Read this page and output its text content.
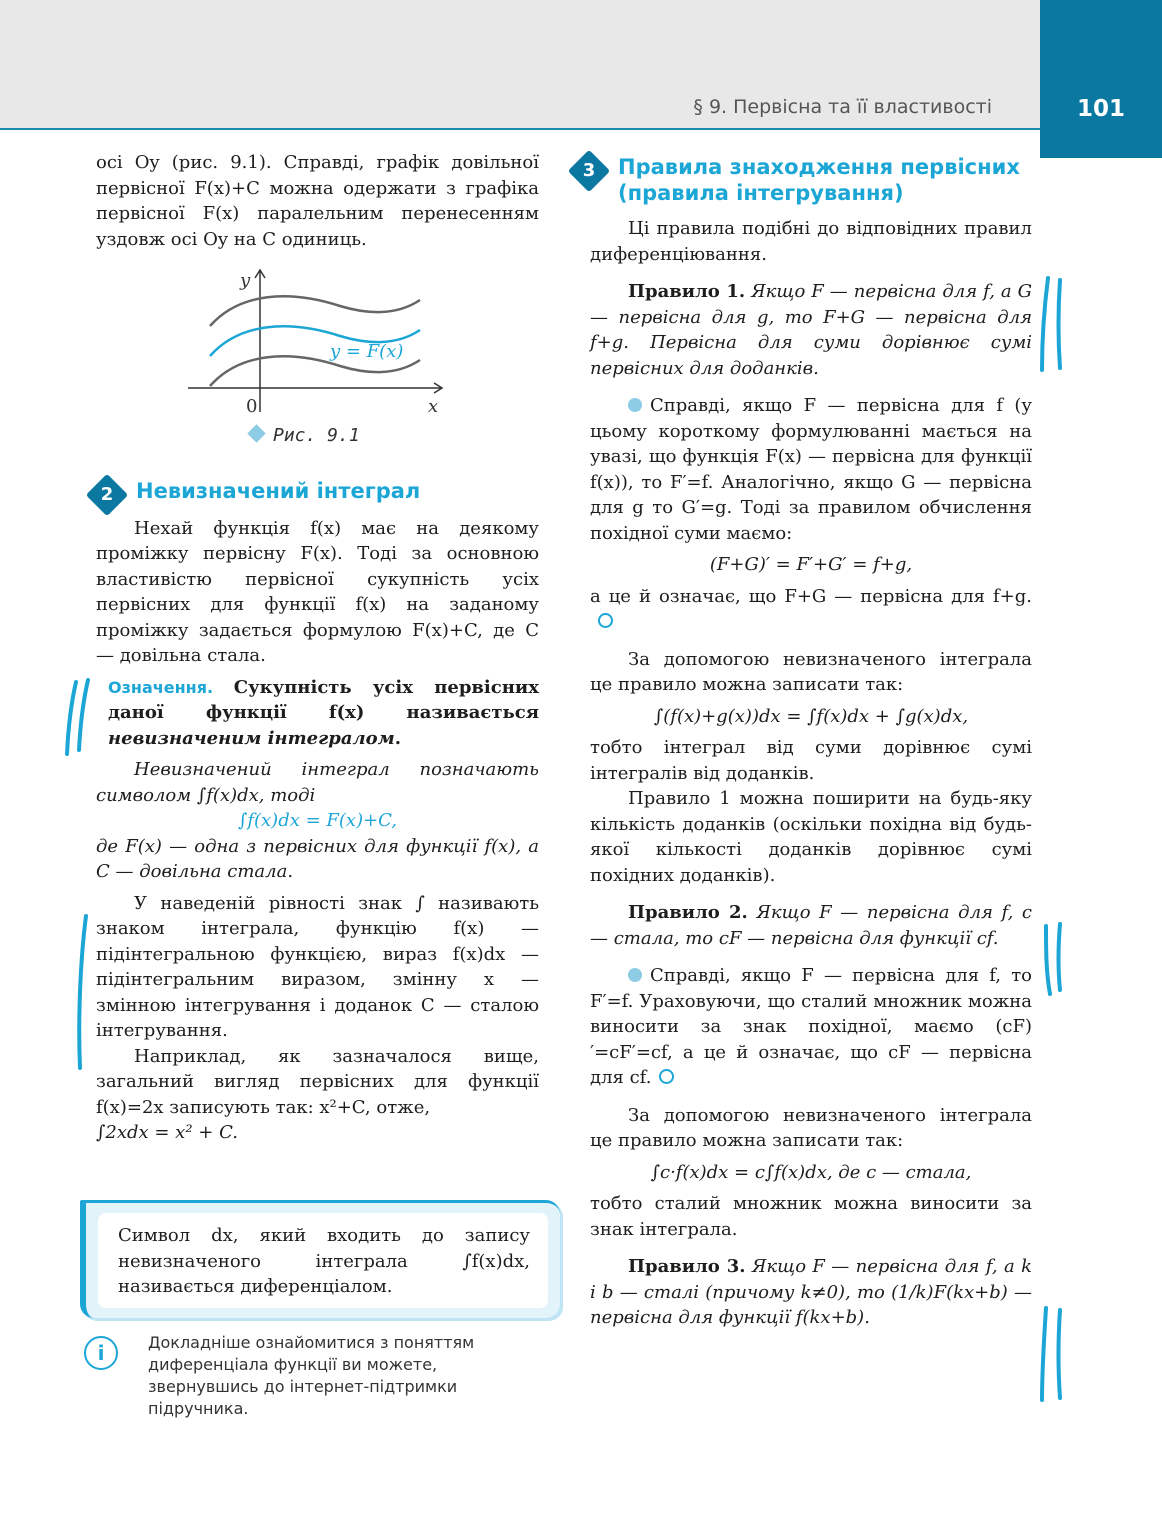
§ 9. Первісна та її властивості	101

осі Oy (рис. 9.1). Справді, графік довільної первісної F(x)+C можна одержати з графіка первісної F(x) паралельним перенесенням уздовж осі Oy на C одиниць.

y
x
0
y = F(x)
Рис. 9.1
2	Невизначений інтеграл

Нехай функція f(x) має на деякому проміжку первісну F(x). Тоді за основною властивістю первісної сукупність усіх первісних для функції f(x) на заданому проміжку задається формулою F(x)+C, де C — довільна стала.

Означення. Сукупність усіх первісних даної функції f(x) називається невизначеним інтегралом.

Невизначений інтеграл позначають символом ∫f(x)dx, тоді

∫f(x)dx = F(x)+C,

де F(x) — одна з первісних для функції f(x), а C — довільна стала.

У наведеній рівності знак ∫ називають знаком інтеграла, функцію f(x) — підінтегральною функцією, вираз f(x)dx — підінтегральним виразом, змінну x — змінною інтегрування і доданок C — сталою інтегрування.

Наприклад, як зазначалося вище, загальний вигляд первісних для функції f(x)=2x записують так: x²+C, отже,

∫2xdx = x² + C.

Символ dx, який входить до запису невизначеного інтеграла ∫f(x)dx, називається диференціалом.
i	Докладніше ознайомитися з поняттям диференціала функції ви можете, звернувшись до інтернет-підтримки підручника.
3	Правила знаходження первісних (правила інтегрування)

Ці правила подібні до відповідних правил диференціювання.

Правило 1. Якщо F — первісна для f, а G — первісна для g, то F+G — первісна для f+g. Первісна для суми дорівнює сумі первісних для доданків.

Справді, якщо F — первісна для f (у цьому короткому формулюванні мається на увазі, що функція F(x) — первісна для функції f(x)), то F′=f. Аналогічно, якщо G — первісна для g то G′=g. Тоді за правилом обчислення похідної суми маємо:

(F+G)′ = F′+G′ = f+g,

а це й означає, що F+G — первісна для f+g.

За допомогою невизначеного інтеграла це правило можна записати так:

∫(f(x)+g(x))dx = ∫f(x)dx + ∫g(x)dx,

тобто інтеграл від суми дорівнює сумі інтегралів від доданків.

Правило 1 можна поширити на будь-яку кількість доданків (оскільки похідна від будь-якої кількості доданків дорівнює сумі похідних доданків).

Правило 2. Якщо F — первісна для f, c — стала, то cF — первісна для функції cf.

Справді, якщо F — первісна для f, то F′=f. Ураховуючи, що сталий множник можна виносити за знак похідної, маємо (cF)′=cF′=cf, а це й означає, що cF — первісна для cf.

За допомогою невизначеного інтеграла це правило можна записати так:

∫c·f(x)dx = c∫f(x)dx, де c — стала,

тобто сталий множник можна виносити за знак інтеграла.

Правило 3. Якщо F — первісна для f, a k і b — сталі (причому k≠0), то (1/k)F(kx+b) — первісна для функції f(kx+b).
